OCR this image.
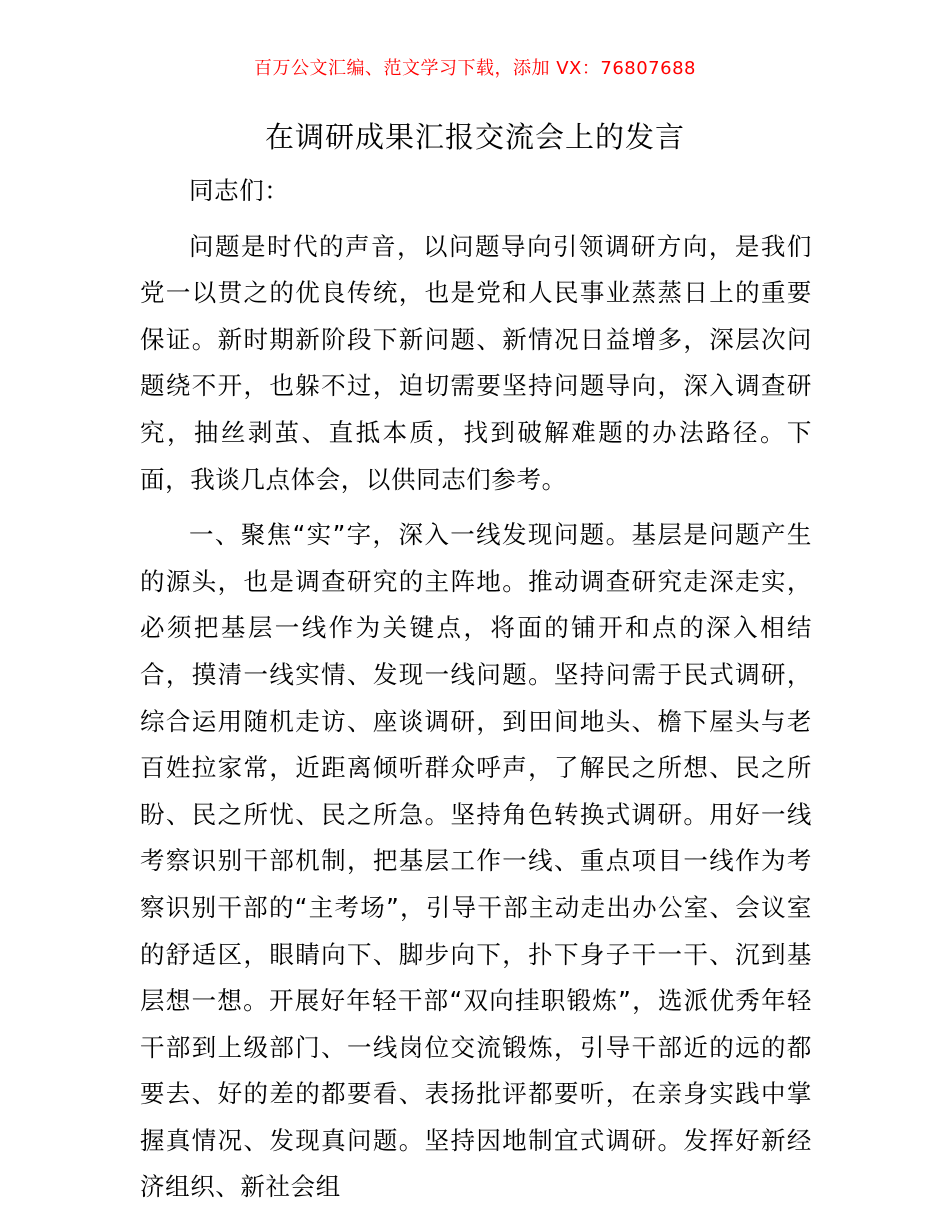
百万公文汇编、范文学习下载，添加 VX：76807688
在调研成果汇报交流会上的发言

同志们：

问题是时代的声音，以问题导向引领调研方向，是我们党一以贯之的优良传统，也是党和人民事业蒸蒸日上的重要保证。新时期新阶段下新问题、新情况日益增多，深层次问题绕不开，也躲不过，迫切需要坚持问题导向，深入调查研究，抽丝剥茧、直抵本质，找到破解难题的办法路径。下面，我谈几点体会，以供同志们参考。

一、聚焦“实”字，深入一线发现问题。基层是问题产生的源头，也是调查研究的主阵地。推动调查研究走深走实，必须把基层一线作为关键点，将面的铺开和点的深入相结合，摸清一线实情、发现一线问题。坚持问需于民式调研，综合运用随机走访、座谈调研，到田间地头、檐下屋头与老百姓拉家常，近距离倾听群众呼声，了解民之所想、民之所盼、民之所忧、民之所急。坚持角色转换式调研。用好一线考察识别干部机制，把基层工作一线、重点项目一线作为考察识别干部的“主考场”，引导干部主动走出办公室、会议室的舒适区，眼睛向下、脚步向下，扑下身子干一干、沉到基层想一想。开展好年轻干部“双向挂职锻炼”，选派优秀年轻干部到上级部门、一线岗位交流锻炼，引导干部近的远的都要去、好的差的都要看、表扬批评都要听，在亲身实践中掌握真情况、发现真问题。坚持因地制宜式调研。发挥好新经济组织、新社会组
